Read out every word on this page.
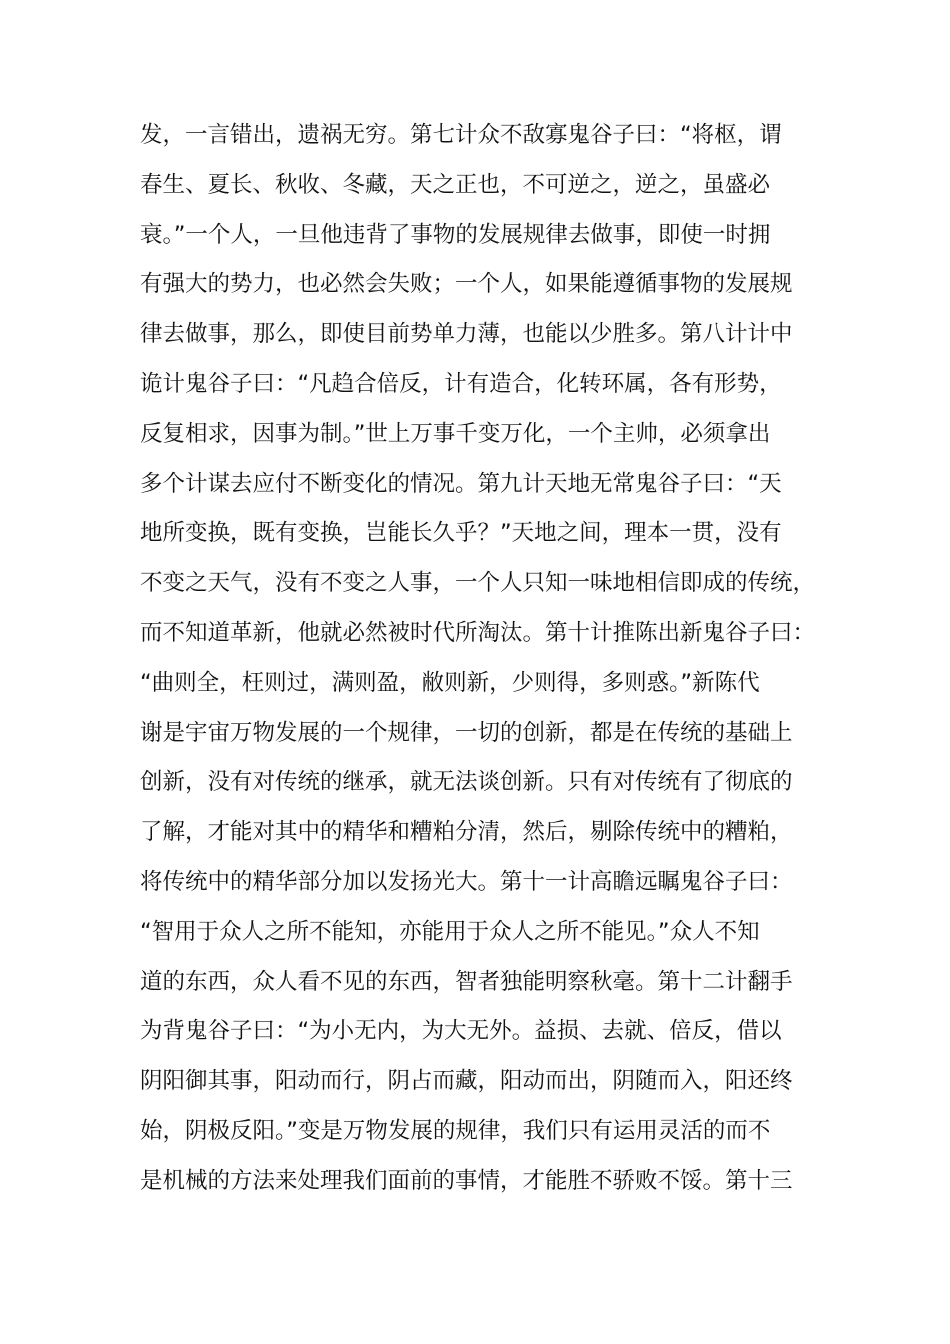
发，一言错出，遗祸无穷。第七计众不敌寡鬼谷子曰：“将枢，谓
春生、夏长、秋收、冬藏，天之正也，不可逆之，逆之，虽盛必
衰。”一个人，一旦他违背了事物的发展规律去做事，即使一时拥
有强大的势力，也必然会失败；一个人，如果能遵循事物的发展规
律去做事，那么，即使目前势单力薄，也能以少胜多。第八计计中
诡计鬼谷子曰：“凡趋合倍反，计有造合，化转环属，各有形势，
反复相求，因事为制。”世上万事千变万化，一个主帅，必须拿出
多个计谋去应付不断变化的情况。第九计天地无常鬼谷子曰：“天
地所变换，既有变换，岂能长久乎？”天地之间，理本一贯，没有
不变之天气，没有不变之人事，一个人只知一味地相信即成的传统，
而不知道革新，他就必然被时代所淘汰。第十计推陈出新鬼谷子曰：
“曲则全，枉则过，满则盈，敝则新，少则得，多则惑。”新陈代
谢是宇宙万物发展的一个规律，一切的创新，都是在传统的基础上
创新，没有对传统的继承，就无法谈创新。只有对传统有了彻底的
了解，才能对其中的精华和糟粕分清，然后，剔除传统中的糟粕，
将传统中的精华部分加以发扬光大。第十一计高瞻远瞩鬼谷子曰：
“智用于众人之所不能知，亦能用于众人之所不能见。”众人不知
道的东西，众人看不见的东西，智者独能明察秋毫。第十二计翻手
为背鬼谷子曰：“为小无内，为大无外。益损、去就、倍反，借以
阴阳御其事，阳动而行，阴占而藏，阳动而出，阴随而入，阳还终
始，阴极反阳。”变是万物发展的规律，我们只有运用灵活的而不
是机械的方法来处理我们面前的事情，才能胜不骄败不馁。第十三
